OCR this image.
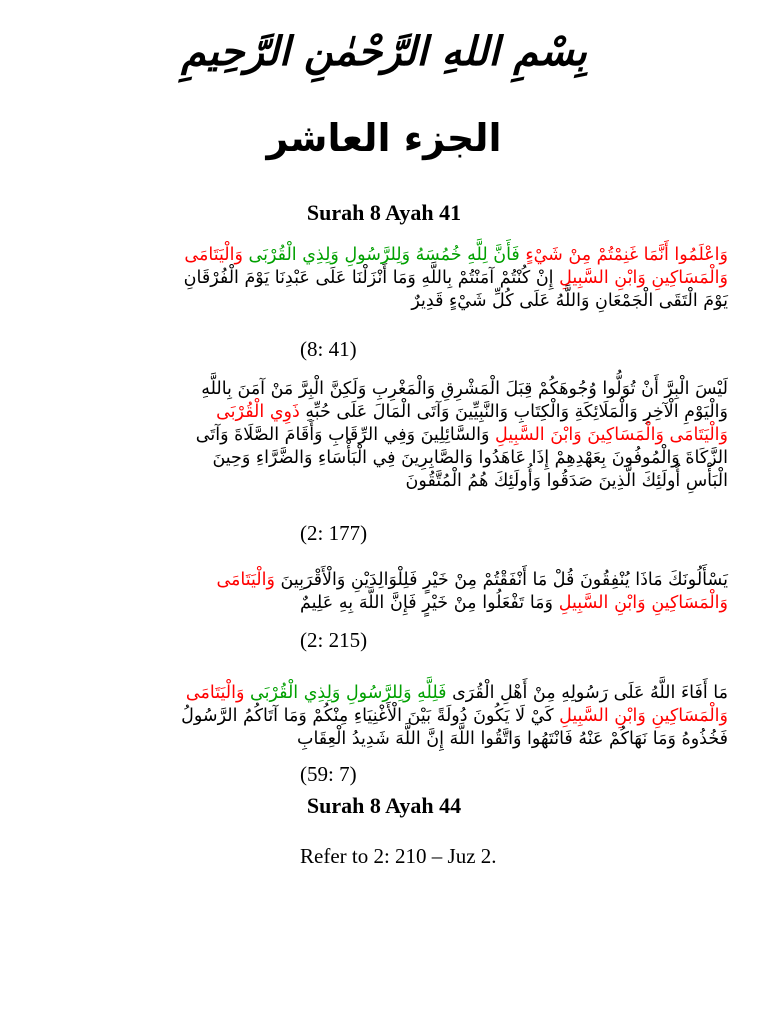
بِسْمِ اللهِ الرَّحْمٰنِ الرَّحِيمِ
الجزء العاشر
Surah 8 Ayah 41
وَاعْلَمُوا أَنَّمَا غَنِمْتُمْ مِنْ شَيْءٍ فَأَنَّ لِلَّهِ خُمُسَهُ وَلِلرَّسُولِ وَلِذِي الْقُرْبَى وَالْيَتَامَى
وَالْمَسَاكِينِ وَابْنِ السَّبِيلِ إِنْ كُنْتُمْ آمَنْتُمْ بِاللَّهِ وَمَا أَنْزَلْنَا عَلَى عَبْدِنَا يَوْمَ الْفُرْقَانِ
يَوْمَ الْتَقَى الْجَمْعَانِ وَاللَّهُ عَلَى كُلِّ شَيْءٍ قَدِيرٌ
(8: 41)
لَيْسَ الْبِرَّ أَنْ تُوَلُّوا وُجُوهَكُمْ قِبَلَ الْمَشْرِقِ وَالْمَغْرِبِ وَلَكِنَّ الْبِرَّ مَنْ آمَنَ بِاللَّهِ
وَالْيَوْمِ الْآخِرِ وَالْمَلَائِكَةِ وَالْكِتَابِ وَالنَّبِيِّينَ وَآتَى الْمَالَ عَلَى حُبِّهِ ذَوِي الْقُرْبَى
وَالْيَتَامَى وَالْمَسَاكِينَ وَابْنَ السَّبِيلِ وَالسَّائِلِينَ وَفِي الرِّقَابِ وَأَقَامَ الصَّلَاةَ وَآتَى
الزَّكَاةَ وَالْمُوفُونَ بِعَهْدِهِمْ إِذَا عَاهَدُوا وَالصَّابِرِينَ فِي الْبَأْسَاءِ وَالضَّرَّاءِ وَحِينَ
الْبَأْسِ أُولَئِكَ الَّذِينَ صَدَقُوا وَأُولَئِكَ هُمُ الْمُتَّقُونَ
(2: 177)
يَسْأَلُونَكَ مَاذَا يُنْفِقُونَ قُلْ مَا أَنْفَقْتُمْ مِنْ خَيْرٍ فَلِلْوَالِدَيْنِ وَالْأَقْرَبِينَ وَالْيَتَامَى
وَالْمَسَاكِينِ وَابْنِ السَّبِيلِ وَمَا تَفْعَلُوا مِنْ خَيْرٍ فَإِنَّ اللَّهَ بِهِ عَلِيمٌ
(2: 215)
مَا أَفَاءَ اللَّهُ عَلَى رَسُولِهِ مِنْ أَهْلِ الْقُرَى فَلِلَّهِ وَلِلرَّسُولِ وَلِذِي الْقُرْبَى وَالْيَتَامَى
وَالْمَسَاكِينِ وَابْنِ السَّبِيلِ كَيْ لَا يَكُونَ دُولَةً بَيْنَ الْأَغْنِيَاءِ مِنْكُمْ وَمَا آتَاكُمُ الرَّسُولُ
فَخُذُوهُ وَمَا نَهَاكُمْ عَنْهُ فَانْتَهُوا وَاتَّقُوا اللَّهَ إِنَّ اللَّهَ شَدِيدُ الْعِقَابِ
(59: 7)
Surah 8 Ayah 44
Refer to 2: 210 – Juz 2.
